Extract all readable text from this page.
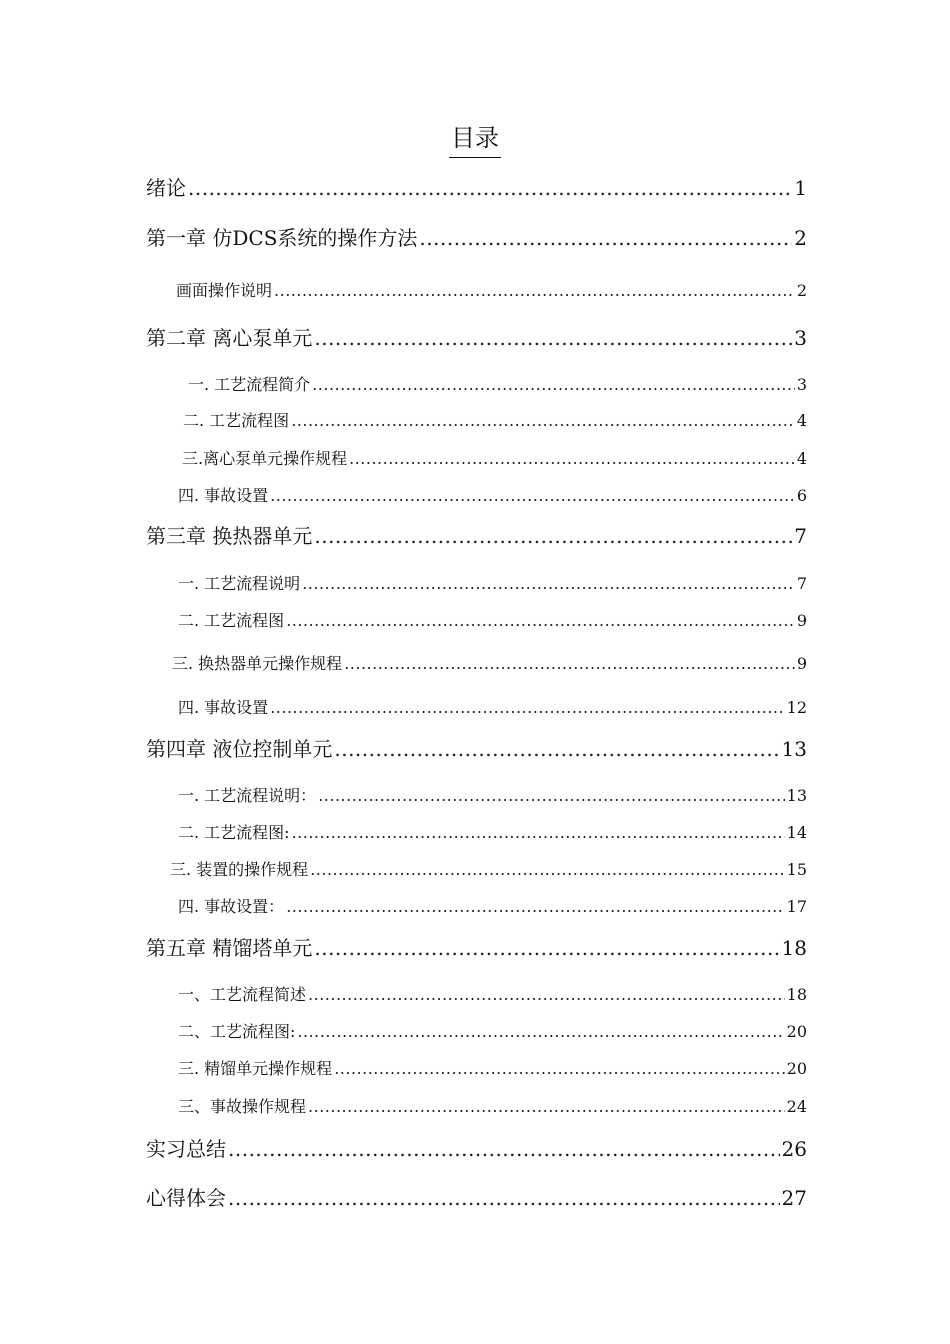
目录
绪论 .....	1
第一章 仿DCS系统的操作方法 .....	2
画面操作说明 .....	2
第二章 离心泵单元 .....	3
一. 工艺流程简介 .....	3
二. 工艺流程图 .....	4
三.离心泵单元操作规程 .....	4
四. 事故设置 .....	6
第三章 换热器单元 .....	7
一. 工艺流程说明 .....	7
二. 工艺流程图 .....	9
三. 换热器单元操作规程 .....	9
四. 事故设置 .....	12
第四章 液位控制单元 .....	13
一. 工艺流程说明： .....	13
二. 工艺流程图: .....	14
三. 装置的操作规程 .....	15
四. 事故设置： .....	17
第五章 精馏塔单元 .....	18
一、工艺流程简述 .....	18
二、工艺流程图: .....	20
三. 精馏单元操作规程 .....	20
三、事故操作规程 .....	24
实习总结 .....	26
心得体会 .....	27
